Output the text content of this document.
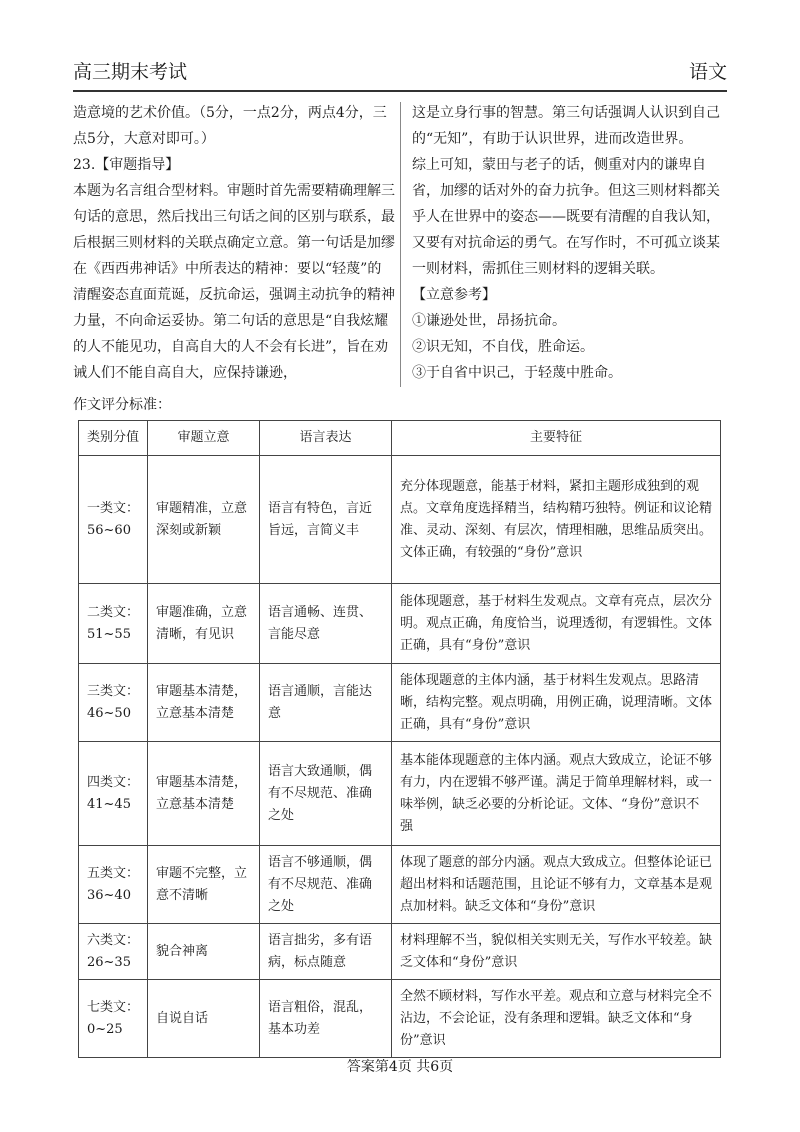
高三期末考试	语文

造意境的艺术价值。（5分，一点2分，两点4分，三点5分，大意对即可。）

23.【审题指导】

本题为名言组合型材料。审题时首先需要精确理解三句话的意思，然后找出三句话之间的区别与联系，最后根据三则材料的关联点确定立意。第一句话是加缪在《西西弗神话》中所表达的精神：要以“轻蔑”的清醒姿态直面荒诞，反抗命运，强调主动抗争的精神力量，不向命运妥协。第二句话的意思是“自我炫耀的人不能见功，自高自大的人不会有长进”，旨在劝诫人们不能自高自大，应保持谦逊，

这是立身行事的智慧。第三句话强调人认识到自己的“无知”，有助于认识世界，进而改造世界。

综上可知，蒙田与老子的话，侧重对内的谦卑自省，加缪的话对外的奋力抗争。但这三则材料都关乎人在世界中的姿态——既要有清醒的自我认知，又要有对抗命运的勇气。在写作时，不可孤立谈某一则材料，需抓住三则材料的逻辑关联。

【立意参考】

①谦逊处世，昂扬抗命。

②识无知，不自伐，胜命运。

③于自省中识己，于轻蔑中胜命。

作文评分标准：
类别分值	审题立意	语言表达	主要特征
一类文：56~60	审题精准，立意深刻或新颖	语言有特色，言近旨远，言简义丰	充分体现题意，能基于材料，紧扣主题形成独到的观点。文章角度选择精当，结构精巧独特。例证和议论精准、灵动、深刻、有层次，情理相融，思维品质突出。文体正确，有较强的“身份”意识
二类文：51~55	审题准确，立意清晰，有见识	语言通畅、连贯、言能尽意	能体现题意，基于材料生发观点。文章有亮点，层次分明。观点正确，角度恰当，说理透彻，有逻辑性。文体正确，具有“身份”意识
三类文：46~50	审题基本清楚，立意基本清楚	语言通顺，言能达意	能体现题意的主体内涵，基于材料生发观点。思路清晰，结构完整。观点明确，用例正确，说理清晰。文体正确，具有“身份”意识
四类文：41~45	审题基本清楚，立意基本清楚	语言大致通顺，偶有不尽规范、准确之处	基本能体现题意的主体内涵。观点大致成立，论证不够有力，内在逻辑不够严谨。满足于简单理解材料，或一味举例，缺乏必要的分析论证。文体、“身份”意识不强
五类文：36~40	审题不完整，立意不清晰	语言不够通顺，偶有不尽规范、准确之处	体现了题意的部分内涵。观点大致成立。但整体论证已超出材料和话题范围，且论证不够有力，文章基本是观点加材料。缺乏文体和“身份”意识
六类文：26~35	貌合神离	语言拙劣，多有语病，标点随意	材料理解不当，貌似相关实则无关，写作水平较差。缺乏文体和“身份”意识
七类文：0~25	自说自话	语言粗俗，混乱，基本功差	全然不顾材料，写作水平差。观点和立意与材料完全不沾边，不会论证，没有条理和逻辑。缺乏文体和“身份”意识
答案第4页 共6页
